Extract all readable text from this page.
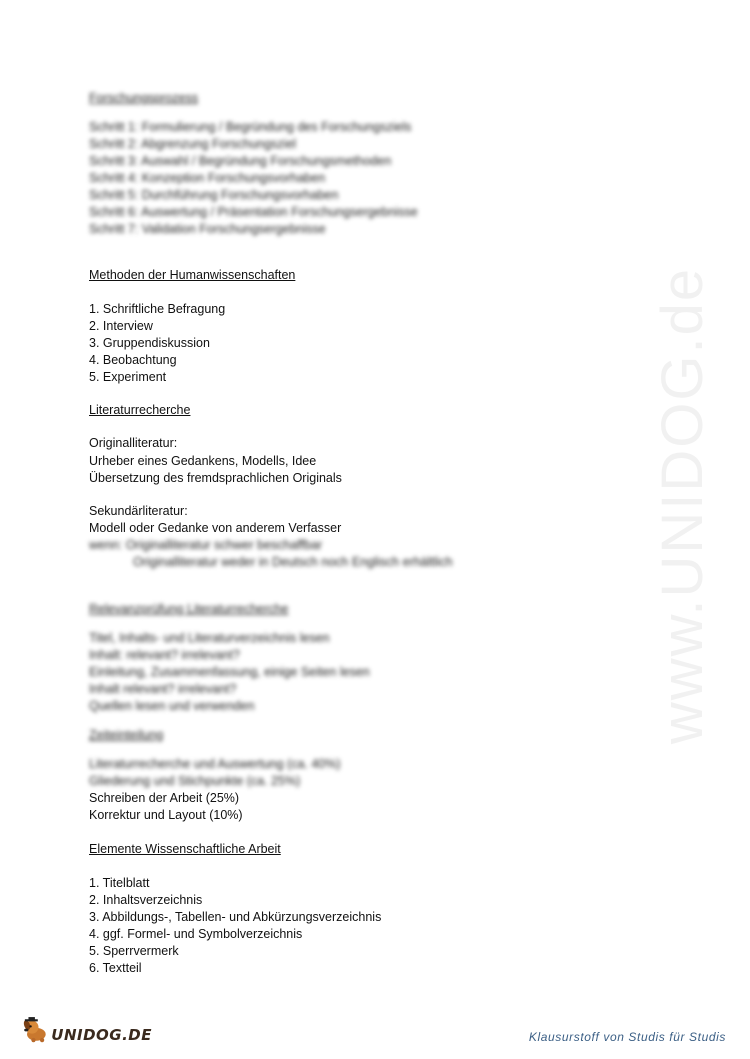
www.UNIDOG.de
Forschungsprozess
Schritt 1: Formulierung / Begründung des Forschungsziels
Schritt 2: Abgrenzung Forschungsziel
Schritt 3: Auswahl / Begründung Forschungsmethoden
Schritt 4: Konzeption Forschungsvorhaben
Schritt 5: Durchführung Forschungsvorhaben
Schritt 6: Auswertung / Präsentation Forschungsergebnisse
Schritt 7: Validation Forschungsergebnisse
Methoden der Humanwissenschaften
1. Schriftliche Befragung
2. Interview
3. Gruppendiskussion
4. Beobachtung
5. Experiment
Literaturrecherche
Originalliteratur:
Urheber eines Gedankens, Modells, Idee
Übersetzung des fremdsprachlichen Originals
Sekundärliteratur:
Modell oder Gedanke von anderem Verfasser
wenn: Originalliteratur schwer beschaffbar
Originalliteratur weder in Deutsch noch Englisch erhältlich
Relevanzprüfung Literaturrecherche
Titel, Inhalts- und Literaturverzeichnis lesen
Inhalt: relevant? irrelevant?
Einleitung, Zusammenfassung, einige Seiten lesen
Inhalt relevant? irrelevant?
Quellen lesen und verwenden
Zeiteinteilung
Literaturrecherche und Auswertung (ca. 40%)
Gliederung und Stichpunkte (ca. 25%)
Schreiben der Arbeit (25%)
Korrektur und Layout (10%)
Elemente Wissenschaftliche Arbeit
1. Titelblatt
2. Inhaltsverzeichnis
3. Abbildungs-, Tabellen- und Abkürzungsverzeichnis
4. ggf. Formel- und Symbolverzeichnis
5. Sperrvermerk
6. Textteil
UNIDOG.DE	Klausurstoff von Studis für Studis
